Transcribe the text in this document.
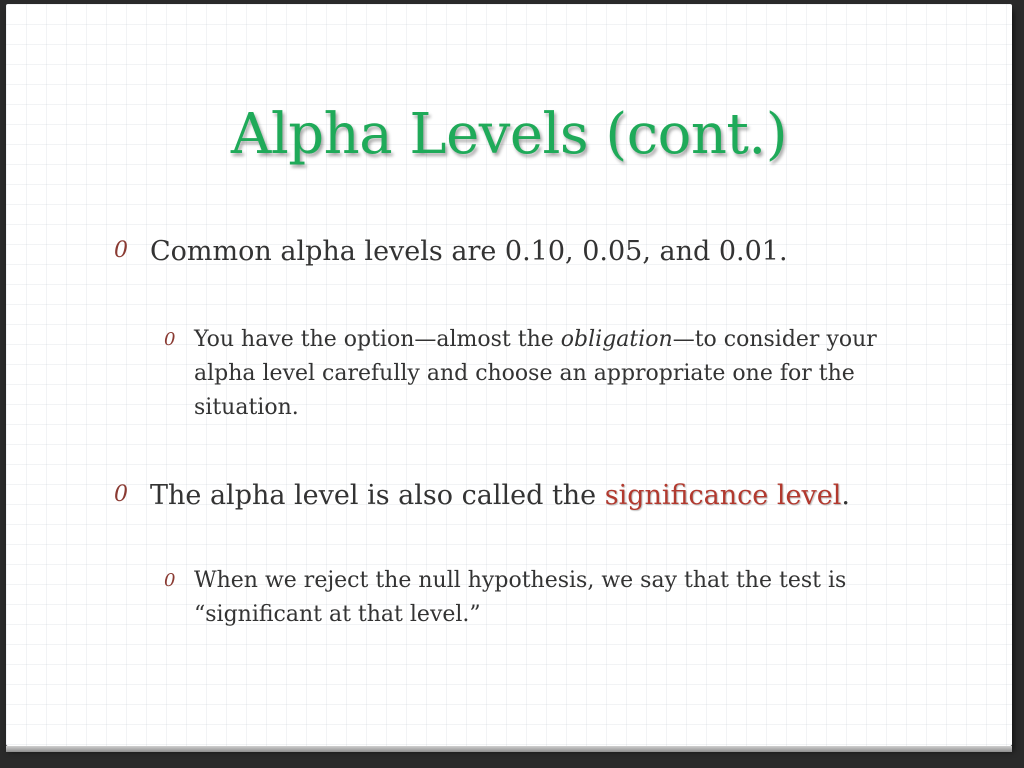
Alpha Levels (cont.)
0 Common alpha levels are 0.10, 0.05, and 0.01.
0 You have the option—almost the obligation—to consider your alpha level carefully and choose an appropriate one for the situation.
0 The alpha level is also called the significance level.
0 When we reject the null hypothesis, we say that the test is “significant at that level.”
